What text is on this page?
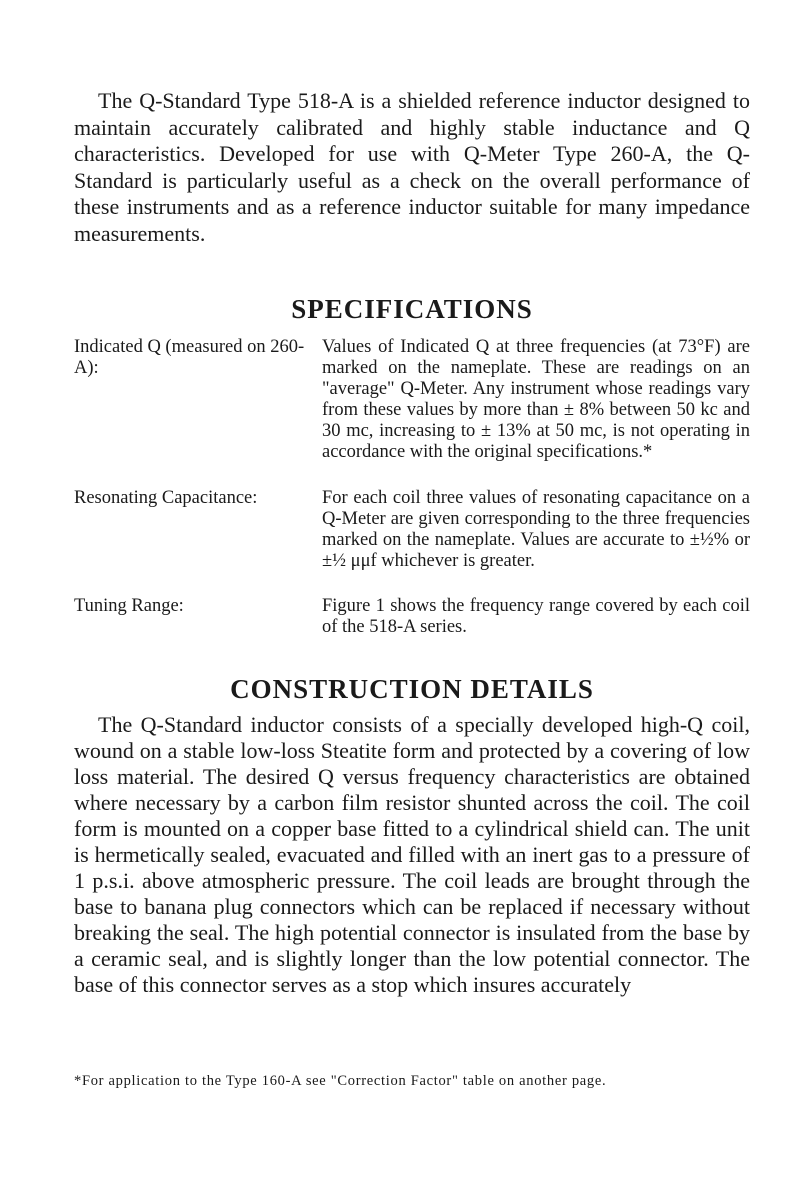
The Q-Standard Type 518-A is a shielded reference inductor designed to maintain accurately calibrated and highly stable inductance and Q characteristics. Developed for use with Q-Meter Type 260-A, the Q-Standard is particularly useful as a check on the overall performance of these instruments and as a reference inductor suitable for many impedance measurements.

SPECIFICATIONS
Indicated Q (measured on 260-A):

Values of Indicated Q at three frequencies (at 73°F) are marked on the nameplate. These are readings on an "average" Q-Meter. Any instrument whose readings vary from these values by more than ± 8% between 50 kc and 30 mc, increasing to ± 13% at 50 mc, is not operating in accordance with the original specifications.*

Resonating Capacitance:	For each coil three values of resonating capacitance on a Q-Meter are given corresponding to the three frequencies marked on the nameplate. Values are accurate to ±½% or ±½ μμf whichever is greater.

Tuning Range:	Figure 1 shows the frequency range covered by each coil of the 518-A series.

CONSTRUCTION DETAILS

The Q-Standard inductor consists of a specially developed high-Q coil, wound on a stable low-loss Steatite form and protected by a covering of low loss material. The desired Q versus frequency characteristics are obtained where necessary by a carbon film resistor shunted across the coil. The coil form is mounted on a copper base fitted to a cylindrical shield can. The unit is hermetically sealed, evacuated and filled with an inert gas to a pressure of 1 p.s.i. above atmospheric pressure. The coil leads are brought through the base to banana plug connectors which can be replaced if necessary without breaking the seal. The high potential connector is insulated from the base by a ceramic seal, and is slightly longer than the low potential connector. The base of this connector serves as a stop which insures accurately

*For application to the Type 160-A see "Correction Factor" table on another page.
